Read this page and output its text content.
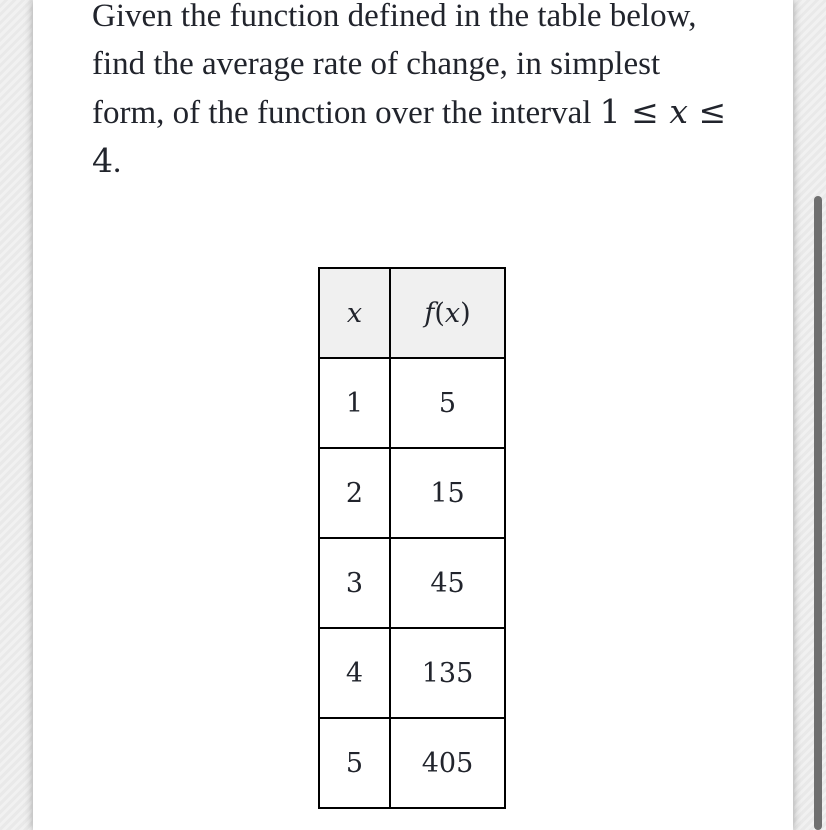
Given the function defined in the table below, find the average rate of change, in simplest form, of the function over the interval 1 ≤ x ≤ 4.

x	f(x)
1	5
2	15
3	45
4	135
5	405
